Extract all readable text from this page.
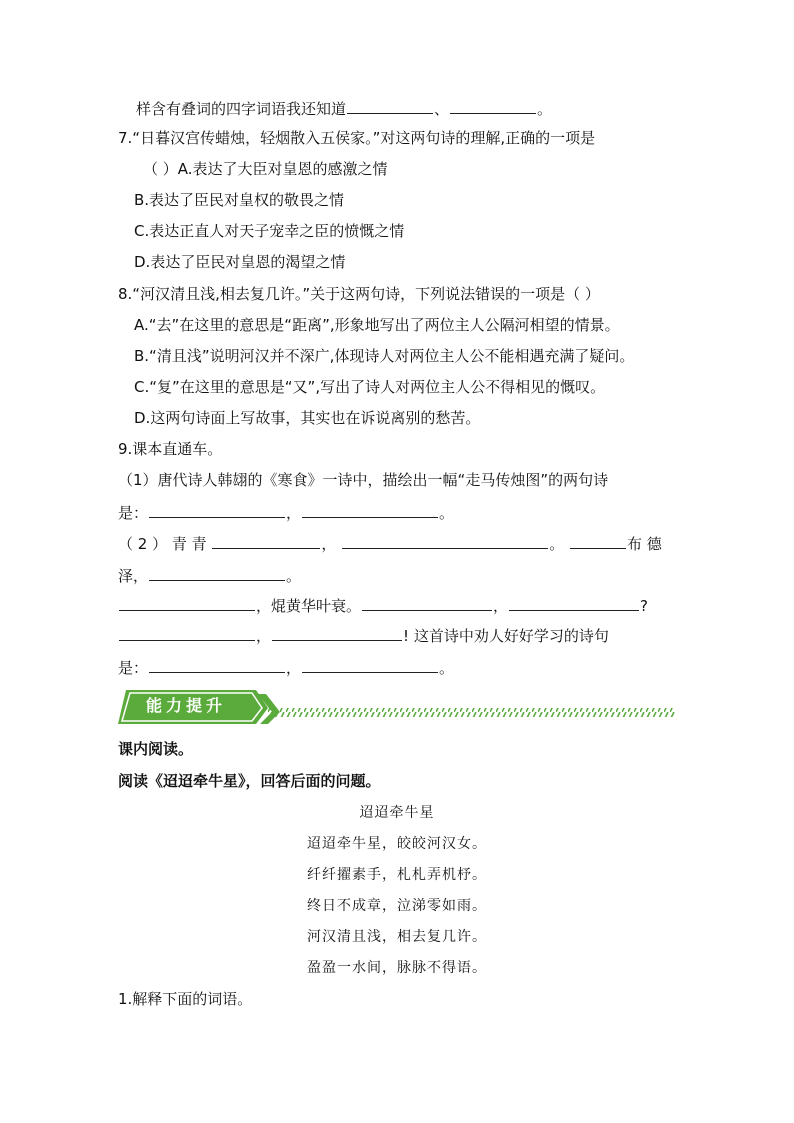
样含有叠词的四字词语我还知道	、	。
7.“日暮汉宫传蜡烛，轻烟散入五侯家。”对这两句诗的理解,正确的一项是
（ ）A.表达了大臣对皇恩的感激之情
B.表达了臣民对皇权的敬畏之情
C.表达正直人对天子宠幸之臣的愤慨之情
D.表达了臣民对皇恩的渴望之情
8.“河汉清且浅,相去复几许。”关于这两句诗，下列说法错误的一项是（ ）
A.“去”在这里的意思是“距离”,形象地写出了两位主人公隔河相望的情景。
B.“清且浅”说明河汉并不深广,体现诗人对两位主人公不能相遇充满了疑问。
C.“复”在这里的意思是“又”,写出了诗人对两位主人公不得相见的慨叹。
D.这两句诗面上写故事，其实也在诉说离别的愁苦。
9.课本直通车。
（1）唐代诗人韩翃的《寒食》一诗中，描绘出一幅“走马传烛图”的两句诗
是：	，	。
（ 2 ） 青 青	，	。	布 德
泽，	。
，焜黄华叶衰。	，	?
，	! 这首诗中劝人好好学习的诗句
是：	，	。
能力提升
课内阅读。
阅读《迢迢牵牛星》，回答后面的问题。
迢迢牵牛星
迢迢牵牛星，皎皎河汉女。
纤纤擢素手，札札弄机杼。
终日不成章，泣涕零如雨。
河汉清且浅，相去复几许。
盈盈一水间，脉脉不得语。
1.解释下面的词语。
